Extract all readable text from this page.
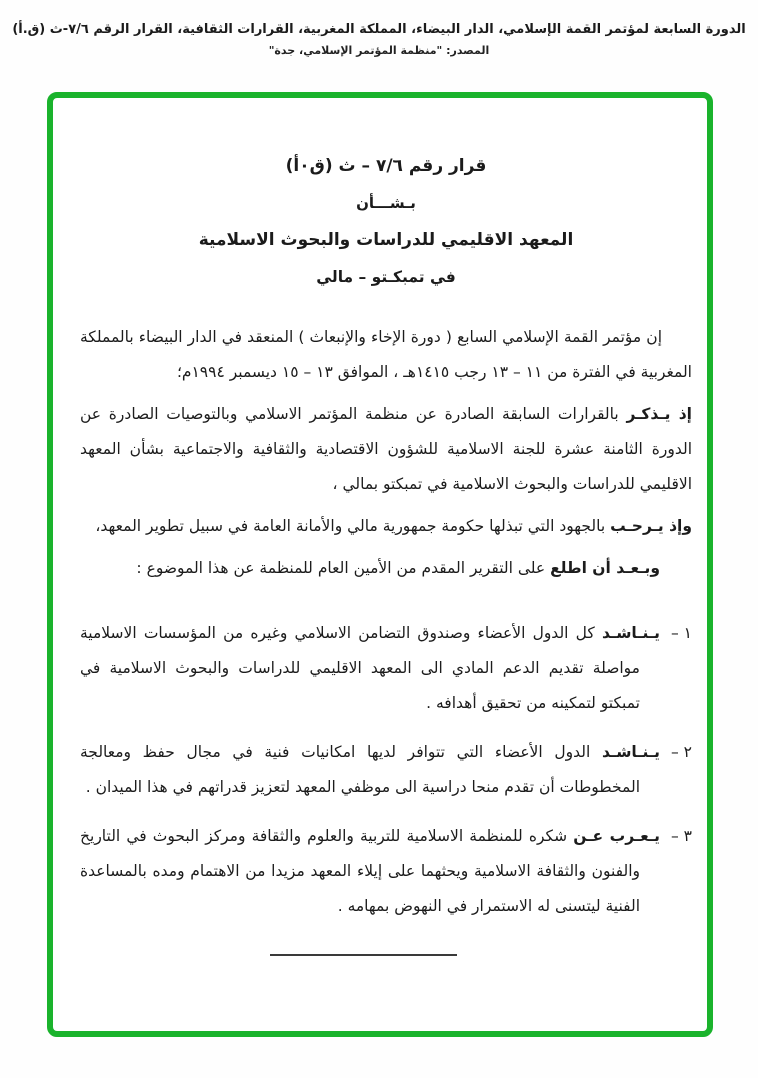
الدورة السابعة لمؤتمر القمة الإسلامي، الدار البيضاء، المملكة المغربية، القرارات الثقافية، القرار الرقم ٧/٦-ث (ق.أ)
المصدر: "منظمة المؤتمر الإسلامي، جدة"
قرار رقم ٧/٦ – ث (ق٠أ)
بـشـــأن
المعهد الاقليمي للدراسات والبحوث الاسلامية
في تمبكـتو – مالي

إن مؤتمر القمة الإسلامي السابع ( دورة الإخاء والإنبعاث ) المنعقد في الدار البيضاء بالمملكة المغربية في الفترة من ١١ – ١٣ رجب ١٤١٥هـ ، الموافق ١٣ – ١٥ ديسمبر ١٩٩٤م؛

إذ يـذكـر بالقرارات السابقة الصادرة عن منظمة المؤتمر الاسلامي وبالتوصيات الصادرة عن الدورة الثامنة عشرة للجنة الاسلامية للشؤون الاقتصادية والثقافية والاجتماعية بشأن المعهد الاقليمي للدراسات والبحوث الاسلامية في تمبكتو بمالي ،

وإذ يـرحـب بالجهود التي تبذلها حكومة جمهورية مالي والأمانة العامة في سبيل تطوير المعهد،

وبـعـد أن اطلع على التقرير المقدم من الأمين العام للمنظمة عن هذا الموضوع :

١ –
يـنـاشـد كل الدول الأعضاء وصندوق التضامن الاسلامي وغيره من المؤسسات الاسلامية مواصلة تقديم الدعم المادي الى المعهد الاقليمي للدراسات والبحوث الاسلامية في تمبكتو لتمكينه من تحقيق أهدافه .
٢ –
يـنـاشـد الدول الأعضاء التي تتوافر لديها امكانيات فنية في مجال حفظ ومعالجة المخطوطات أن تقدم منحا دراسية الى موظفي المعهد لتعزيز قدراتهم في هذا الميدان .
٣ –
يـعـرب عـن شكره للمنظمة الاسلامية للتربية والعلوم والثقافة ومركز البحوث في التاريخ والفنون والثقافة الاسلامية ويحثهما على إيلاء المعهد مزيدا من الاهتمام ومده بالمساعدة الفنية ليتسنى له الاستمرار في النهوض بمهامه .
